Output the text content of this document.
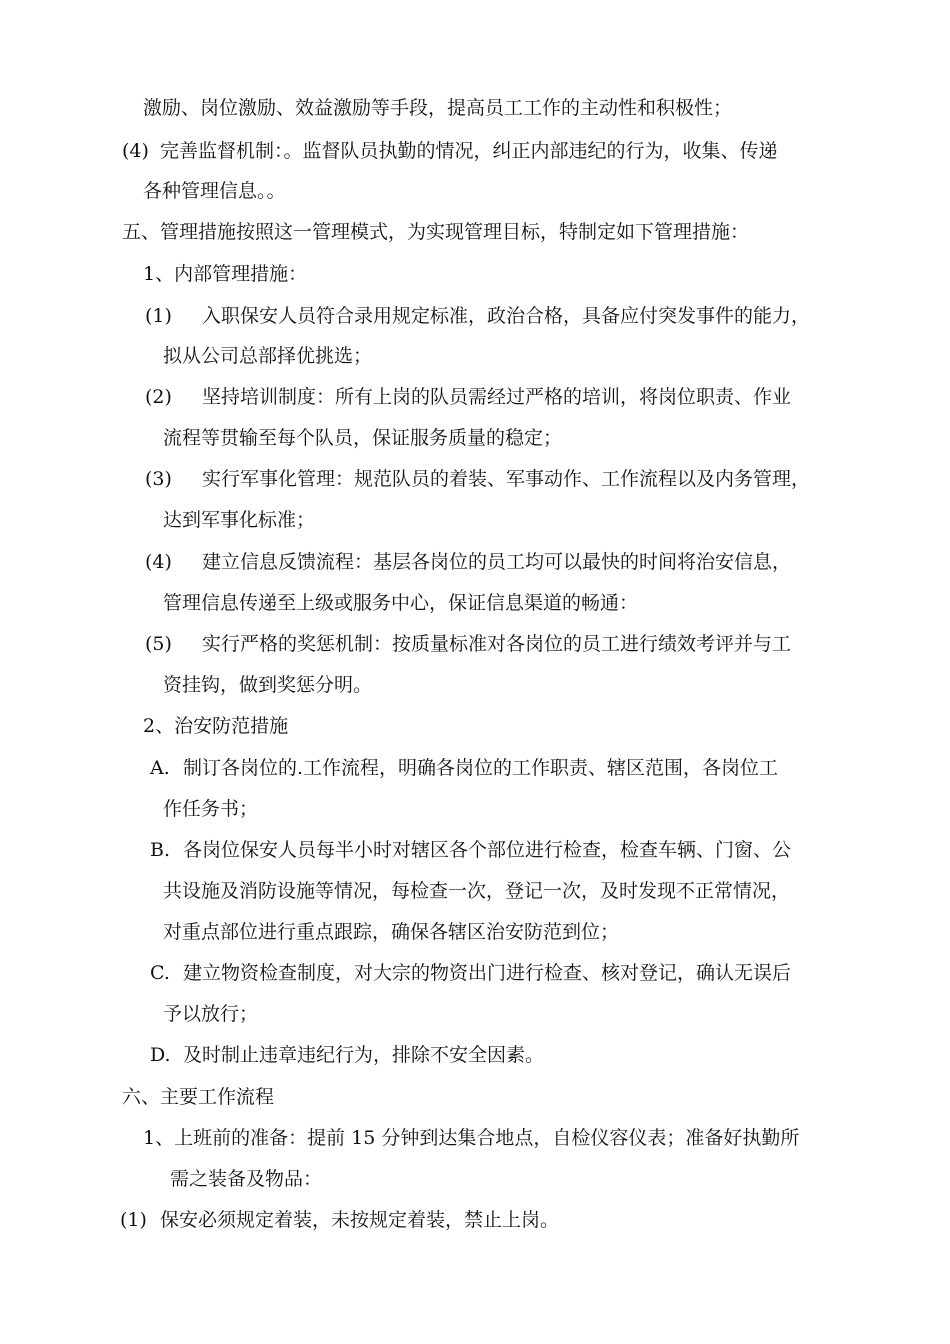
激励、岗位激励、效益激励等手段，提高员工工作的主动性和积极性；
(4) 完善监督机制：。监督队员执勤的情况，纠正内部违纪的行为，收集、传递
各种管理信息。。
五、管理措施按照这一管理模式，为实现管理目标，特制定如下管理措施：
1、内部管理措施：
(1) 入职保安人员符合录用规定标准，政治合格，具备应付突发事件的能力，
拟从公司总部择优挑选；
(2) 坚持培训制度：所有上岗的队员需经过严格的培训，将岗位职责、作业
流程等贯输至每个队员，保证服务质量的稳定；
(3) 实行军事化管理：规范队员的着装、军事动作、工作流程以及内务管理，
达到军事化标准；
(4) 建立信息反馈流程：基层各岗位的员工均可以最快的时间将治安信息，
管理信息传递至上级或服务中心，保证信息渠道的畅通：
(5) 实行严格的奖惩机制：按质量标准对各岗位的员工进行绩效考评并与工
资挂钩，做到奖惩分明。
2、治安防范措施
A. 制订各岗位的.工作流程，明确各岗位的工作职责、辖区范围，各岗位工
作任务书；
B. 各岗位保安人员每半小时对辖区各个部位进行检查，检查车辆、门窗、公
共设施及消防设施等情况，每检查一次，登记一次，及时发现不正常情况，
对重点部位进行重点跟踪，确保各辖区治安防范到位；
C. 建立物资检查制度，对大宗的物资出门进行检查、核对登记，确认无误后
予以放行；
D. 及时制止违章违纪行为，排除不安全因素。
六、主要工作流程
1、上班前的准备：提前 15 分钟到达集合地点，自检仪容仪表；准备好执勤所
需之装备及物品：
(1) 保安必须规定着装，未按规定着装，禁止上岗。
